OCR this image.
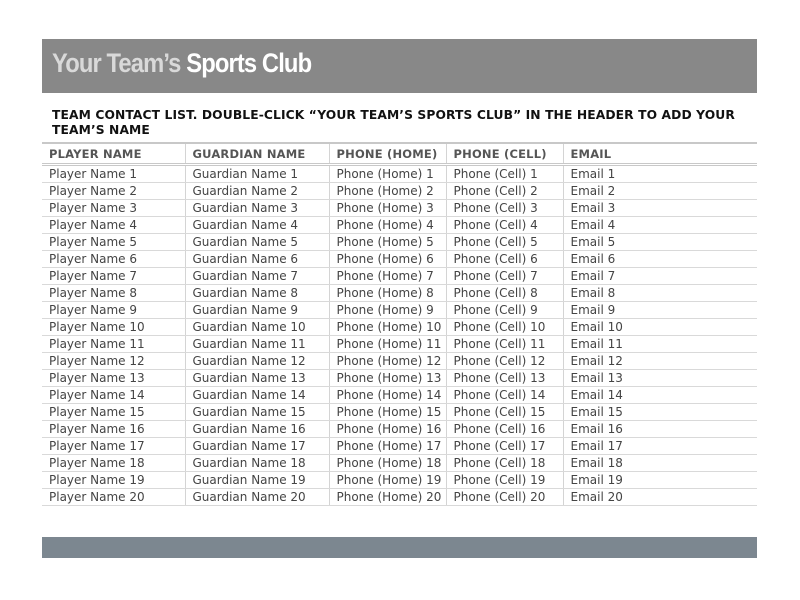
Your Team’s Sports Club
TEAM CONTACT LIST. DOUBLE-CLICK “YOUR TEAM’S SPORTS CLUB” IN THE HEADER TO ADD YOUR TEAM’S NAME
PLAYER NAME	GUARDIAN NAME	PHONE (HOME)	PHONE (CELL)	EMAIL
Player Name 1	Guardian Name 1	Phone (Home) 1	Phone (Cell) 1	Email 1
Player Name 2	Guardian Name 2	Phone (Home) 2	Phone (Cell) 2	Email 2
Player Name 3	Guardian Name 3	Phone (Home) 3	Phone (Cell) 3	Email 3
Player Name 4	Guardian Name 4	Phone (Home) 4	Phone (Cell) 4	Email 4
Player Name 5	Guardian Name 5	Phone (Home) 5	Phone (Cell) 5	Email 5
Player Name 6	Guardian Name 6	Phone (Home) 6	Phone (Cell) 6	Email 6
Player Name 7	Guardian Name 7	Phone (Home) 7	Phone (Cell) 7	Email 7
Player Name 8	Guardian Name 8	Phone (Home) 8	Phone (Cell) 8	Email 8
Player Name 9	Guardian Name 9	Phone (Home) 9	Phone (Cell) 9	Email 9
Player Name 10	Guardian Name 10	Phone (Home) 10	Phone (Cell) 10	Email 10
Player Name 11	Guardian Name 11	Phone (Home) 11	Phone (Cell) 11	Email 11
Player Name 12	Guardian Name 12	Phone (Home) 12	Phone (Cell) 12	Email 12
Player Name 13	Guardian Name 13	Phone (Home) 13	Phone (Cell) 13	Email 13
Player Name 14	Guardian Name 14	Phone (Home) 14	Phone (Cell) 14	Email 14
Player Name 15	Guardian Name 15	Phone (Home) 15	Phone (Cell) 15	Email 15
Player Name 16	Guardian Name 16	Phone (Home) 16	Phone (Cell) 16	Email 16
Player Name 17	Guardian Name 17	Phone (Home) 17	Phone (Cell) 17	Email 17
Player Name 18	Guardian Name 18	Phone (Home) 18	Phone (Cell) 18	Email 18
Player Name 19	Guardian Name 19	Phone (Home) 19	Phone (Cell) 19	Email 19
Player Name 20	Guardian Name 20	Phone (Home) 20	Phone (Cell) 20	Email 20
